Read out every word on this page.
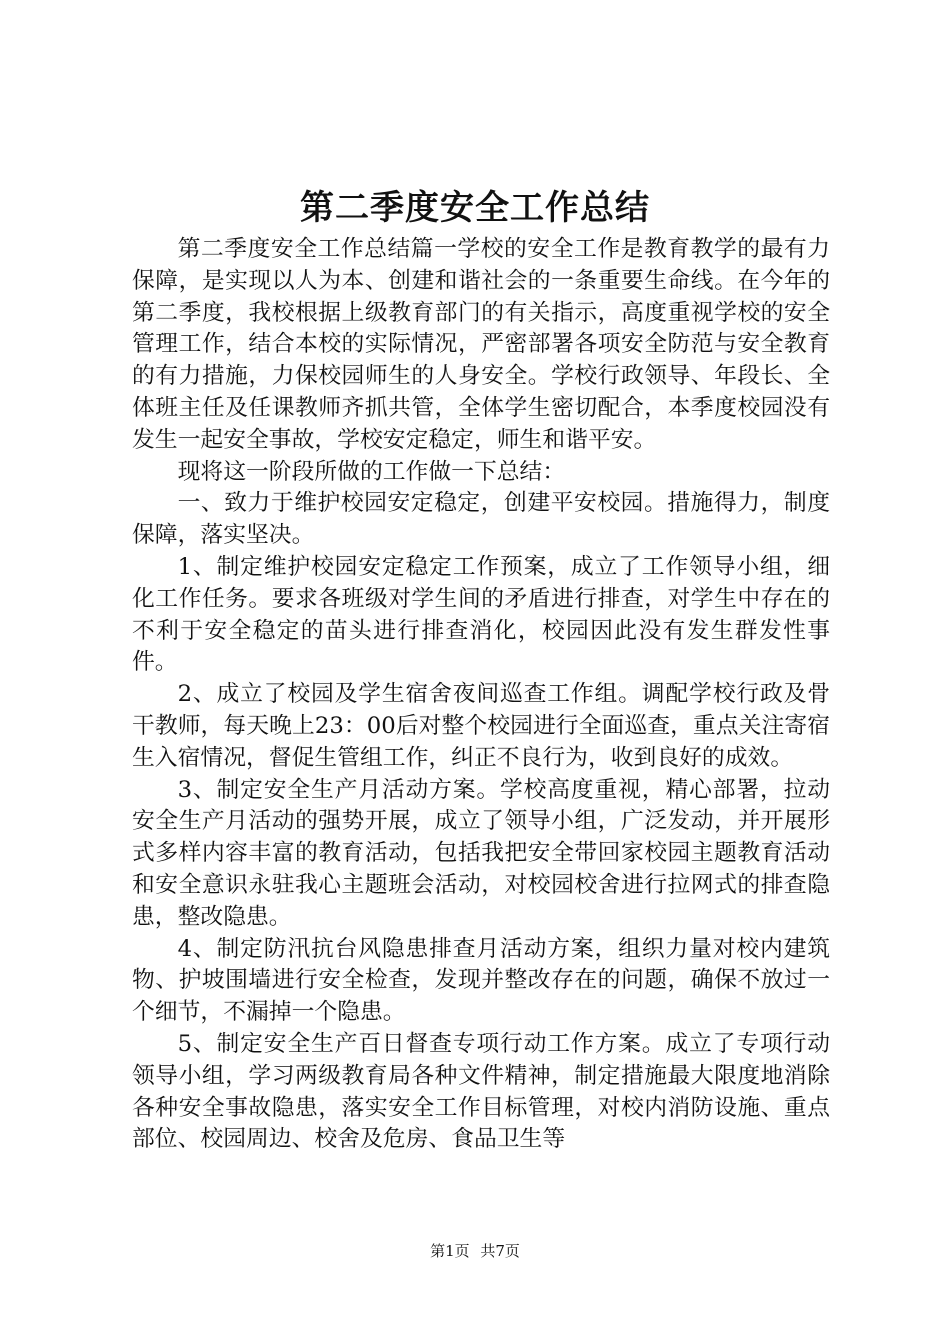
第二季度安全工作总结

第二季度安全工作总结篇一学校的安全工作是教育教学的最有力保障，是实现以人为本、创建和谐社会的一条重要生命线。在今年的第二季度，我校根据上级教育部门的有关指示，高度重视学校的安全管理工作，结合本校的实际情况，严密部署各项安全防范与安全教育的有力措施，力保校园师生的人身安全。学校行政领导、年段长、全体班主任及任课教师齐抓共管，全体学生密切配合，本季度校园没有发生一起安全事故，学校安定稳定，师生和谐平安。

现将这一阶段所做的工作做一下总结：

一、致力于维护校园安定稳定，创建平安校园。措施得力，制度保障，落实坚决。

1、制定维护校园安定稳定工作预案，成立了工作领导小组，细化工作任务。要求各班级对学生间的矛盾进行排查，对学生中存在的不利于安全稳定的苗头进行排查消化，校园因此没有发生群发性事件。

2、成立了校园及学生宿舍夜间巡查工作组。调配学校行政及骨干教师，每天晚上23：00后对整个校园进行全面巡查，重点关注寄宿生入宿情况，督促生管组工作，纠正不良行为，收到良好的成效。

3、制定安全生产月活动方案。学校高度重视，精心部署，拉动安全生产月活动的强势开展，成立了领导小组，广泛发动，并开展形式多样内容丰富的教育活动，包括我把安全带回家校园主题教育活动和安全意识永驻我心主题班会活动，对校园校舍进行拉网式的排查隐患，整改隐患。

4、制定防汛抗台风隐患排查月活动方案，组织力量对校内建筑物、护坡围墙进行安全检查，发现并整改存在的问题，确保不放过一个细节，不漏掉一个隐患。

5、制定安全生产百日督查专项行动工作方案。成立了专项行动领导小组，学习两级教育局各种文件精神，制定措施最大限度地消除各种安全事故隐患，落实安全工作目标管理，对校内消防设施、重点部位、校园周边、校舍及危房、食品卫生等

第1页 共7页
